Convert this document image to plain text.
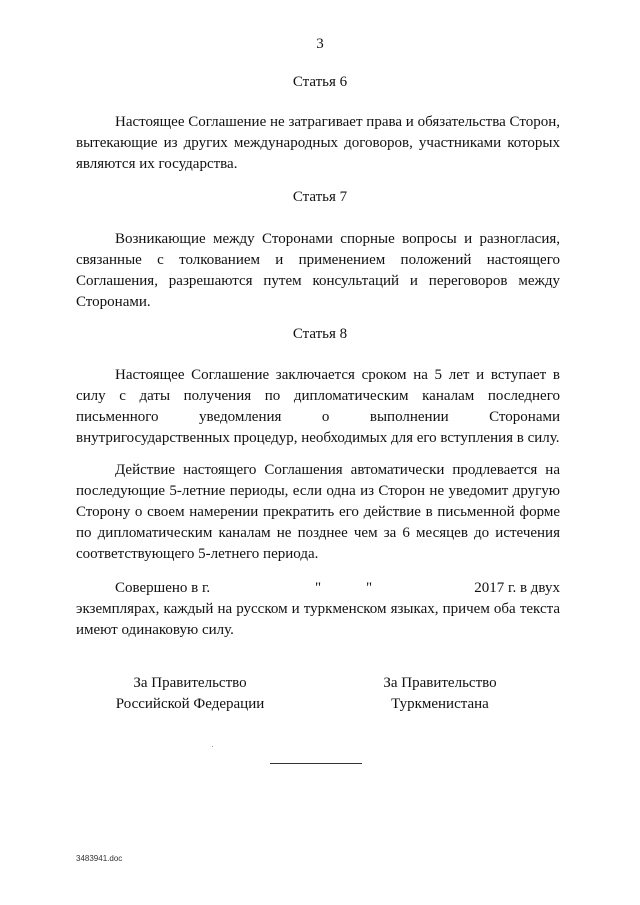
3
Статья 6

Настоящее Соглашение не затрагивает права и обязательства Сторон, вытекающие из других международных договоров, участниками которых являются их государства.

Статья 7

Возникающие между Сторонами спорные вопросы и разногласия, связанные с толкованием и применением положений настоящего Соглашения, разрешаются путем консультаций и переговоров между Сторонами.

Статья 8

Настоящее Соглашение заключается сроком на 5 лет и вступает в силу с даты получения по дипломатическим каналам последнего письменного уведомления о выполнении Сторонами внутригосударственных процедур, необходимых для его вступления в силу.

Действие настоящего Соглашения автоматически продлевается на последующие 5-летние периоды, если одна из Сторон не уведомит другую Сторону о своем намерении прекратить его действие в письменной форме по дипломатическим каналам не позднее чем за 6 месяцев до истечения соответствующего 5-летнего периода.

Совершено в г.	"	"	2017 г. в двух
экземплярах, каждый на русском и туркменском языках, причем оба текста имеют одинаковую силу.
За Правительство
Российской Федерации
За Правительство
Туркменистана
3483941.doc
